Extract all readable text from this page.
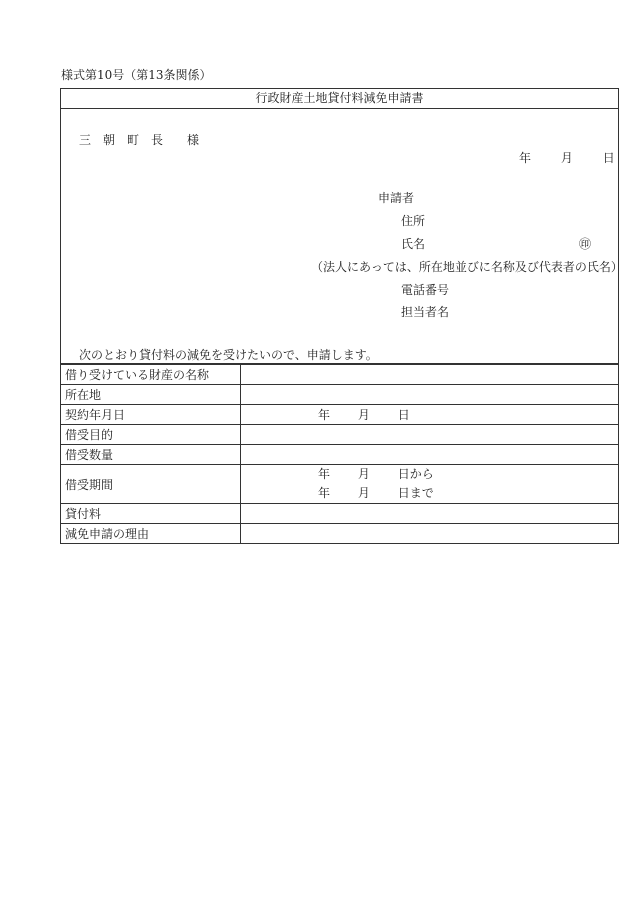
様式第10号（第13条関係）
行政財産土地貸付料減免申請書
三　朝　町　長　　様
年 月 日
申請者
住所
氏名	㊞
（法人にあっては、所在地並びに名称及び代表者の氏名）
電話番号
担当者名
次のとおり貸付料の減免を受けたいので、申請します。
借り受けている財産の名称	
所在地	
契約年月日	年 月 日
借受目的	
借受数量	
借受期間	年 月 日から
年 月 日まで

貸付料	
減免申請の理由	
